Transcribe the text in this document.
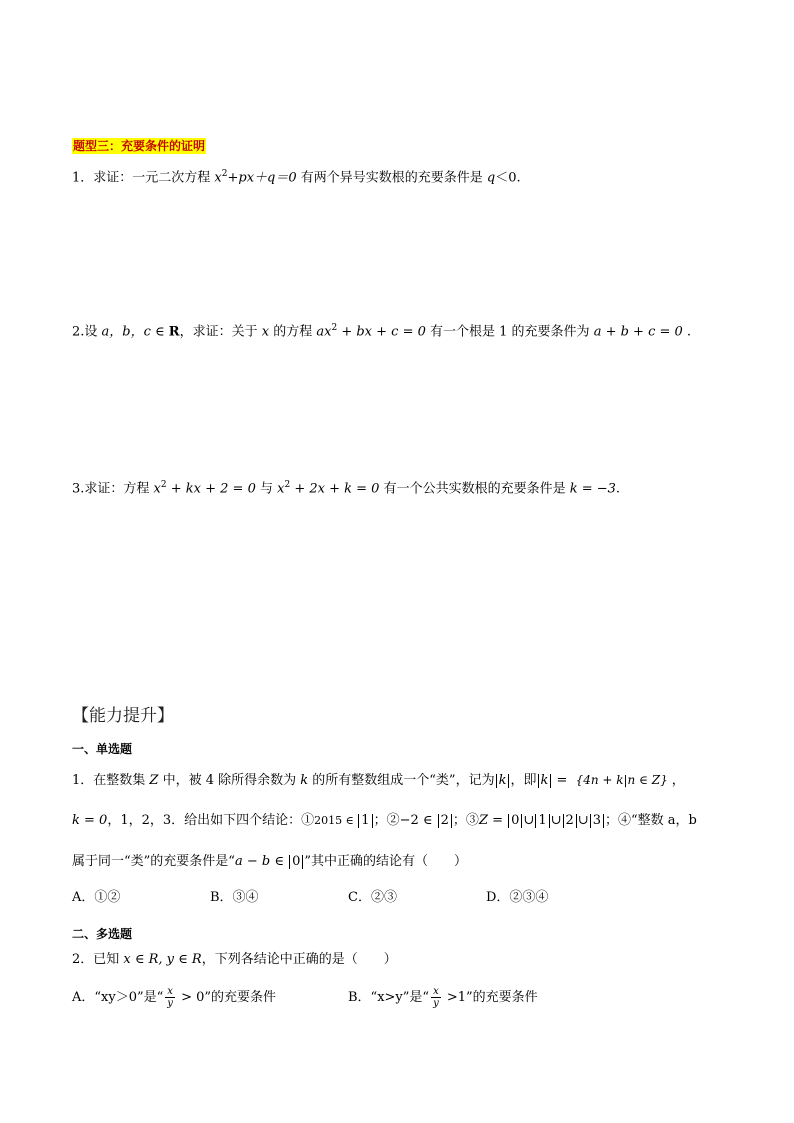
题型三：充要条件的证明
1．求证：一元二次方程 $x^2+px+q=0$ 有两个异号实数根的充要条件是 q＜0.
2.设 a，b，c ∈ R，求证：关于 x 的方程 $ax^2$ + bx + c = 0 有一个根是 1 的充要条件为 a + b + c = 0 .
3.求证：方程 $x^2$ + kx + 2 = 0 与 $x^2 + 2x + k = 0$ 有一个公共实数根的充要条件是 k = −3.
【能力提升】
一、单选题
1．在整数集 Z 中，被 4 除所得余数为 k 的所有整数组成一个“类”，记为 k ，即 k = {4n + k|n ∈ Z} ，
k = 0，1，2，3．给出如下四个结论：①2015 ∈ 1 ；②−2 ∈ 2 ；③Z = 0 ∪ 1 ∪ 2 ∪ 3 ；④“整数 a，b
属于同一“类”的充要条件是“a − b ∈ 0 ”其中正确的结论有（　　）
A．①②	B．③④	C．②③	D．②③④
二、多选题
2．已知 x ∈ R, y ∈ R，下列各结论中正确的是（　　）
A．“xy＞0”是“ $\frac{x}{y} > 0$”的充要条件	B．“x>y”是“ $\frac{x}{y} >1$”的充要条件
